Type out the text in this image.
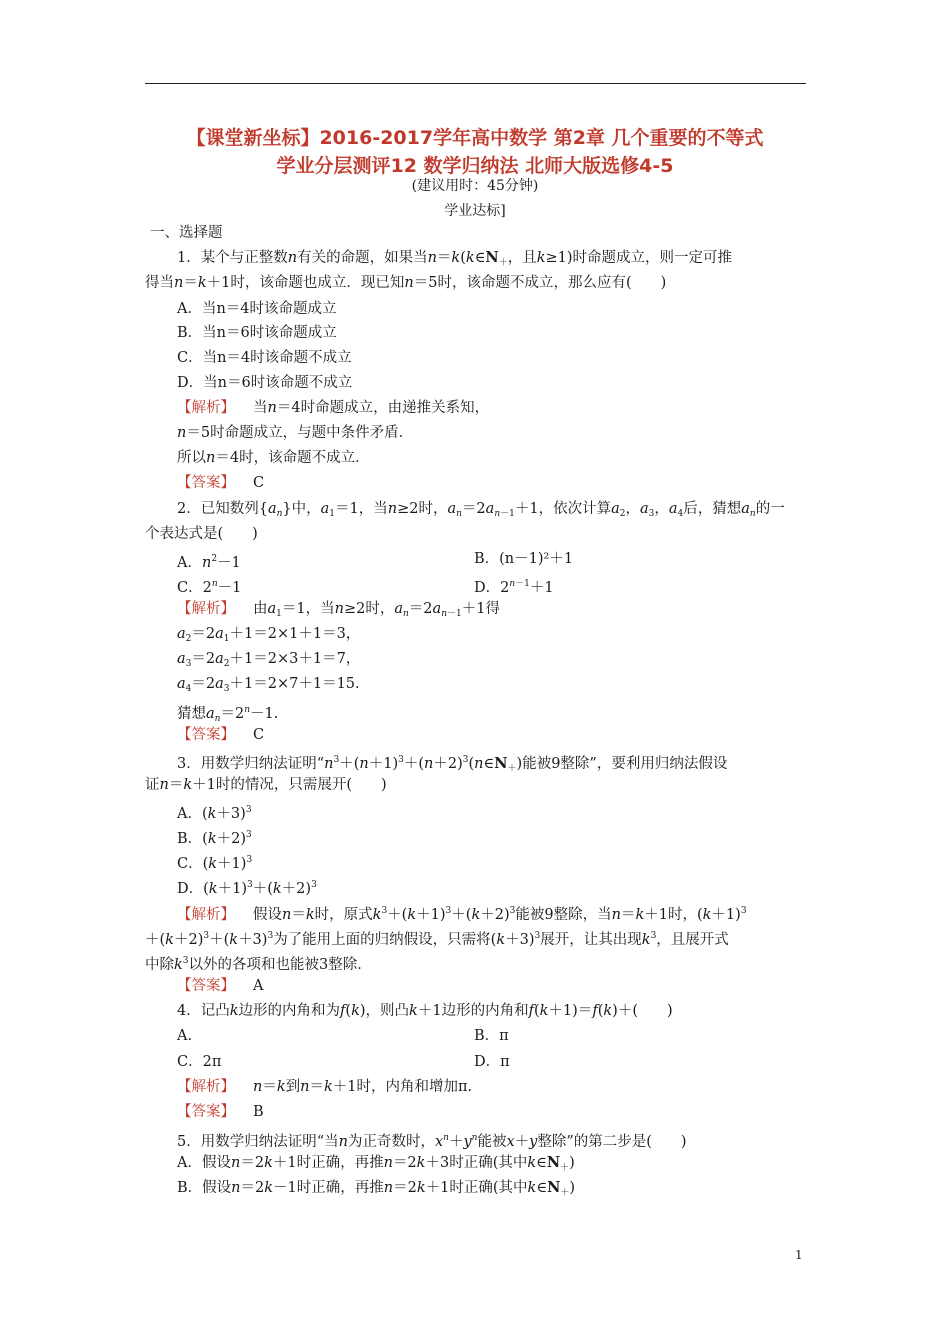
【课堂新坐标】2016-2017学年高中数学 第2章 几个重要的不等式
学业分层测评12 数学归纳法 北师大版选修4-5
(建议用时：45分钟)
学业达标]
一、选择题
1．某个与正整数n有关的命题，如果当$n=k(k\in N_+$，且k≥1)时命题成立，则一定可推
得当n＝k＋1时，该命题也成立．现已知n＝5时，该命题不成立，那么应有(　　)
A．当n＝4时该命题成立
B．当n＝6时该命题成立
C．当n＝4时该命题不成立
D．当n＝6时该命题不成立
【解析】 当n＝4时命题成立，由递推关系知，
n＝5时命题成立，与题中条件矛盾．
所以n＝4时，该命题不成立．
【答案】 C
2．已知数列$\{a_n\}$中，$a_1=1$，当n≥2时，$a_n=2a_{n-1}+1$，依次计算$a_2$，$a_3$，$a_4$后，猜想$a_n$的一
个表达式是(　　)
A．$n^2-1$	B．(n－1)²＋1
C．$2^n-1$	D．$2^{n-1}+1$
【解析】 由$a_1=1$，当n≥2时，$a_n=2a_{n-1}+1$得
$a_2=2a_1+1=2\times 1+1=3$，
$a_3=2a_2+1=2\times 3+1=7$，
$a_4=2a_3+1=2\times 7+1=15$.
猜想$a_n=2^n-1$.
【答案】 C
3．用数学归纳法证明“$n^3+(n+1)^3+(n+2)^3(n\in N_+)$能被9整除”，要利用归纳法假设
证n＝k＋1时的情况，只需展开(　　)
A．$(k+3)^3$
B．$(k+2)^3$
C．$(k+1)^3$
D．$(k+1)^3+(k+2)^3$
【解析】 假设n＝k时，原式$k^3+(k+1)^3+(k+2)^3$能被9整除，当n＝k＋1时，$(k+1)^3$
$+(k+2)^3+(k+3)^3$为了能用上面的归纳假设，只需将$(k+3)^3$展开，让其出现$k^3$，且展开式
中除$k^3$以外的各项和也能被3整除．
【答案】 A
4．记凸k边形的内角和为f(k)，则凸k＋1边形的内角和f(k＋1)＝f(k)＋(　　)
A.	B．π
C．2π	D．π
【解析】 n＝k到n＝k＋1时，内角和增加π.
【答案】 B
5．用数学归纳法证明“当n为正奇数时，$x^n+y^n$能被x＋y整除”的第二步是(　　)
A．假设n＝2k＋1时正确，再推n＝2k＋3时正确(其中$k\in N_+$)
B．假设n＝2k－1时正确，再推n＝2k＋1时正确(其中$k\in N_+$)
1
